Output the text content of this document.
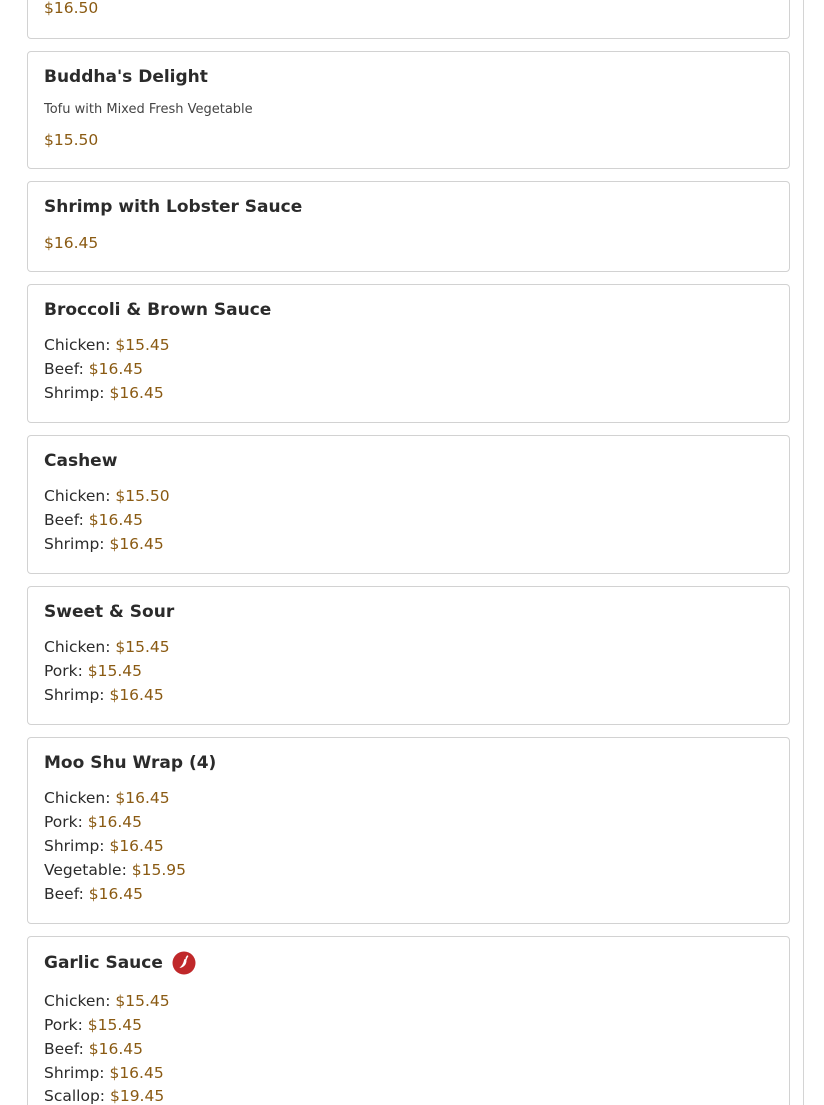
$16.50
Buddha's Delight
Tofu with Mixed Fresh Vegetable
$15.50
Shrimp with Lobster Sauce
$16.45
Broccoli & Brown Sauce
Chicken: $15.45
Beef: $16.45
Shrimp: $16.45
Cashew
Chicken: $15.50
Beef: $16.45
Shrimp: $16.45
Sweet & Sour
Chicken: $15.45
Pork: $15.45
Shrimp: $16.45
Moo Shu Wrap (4)
Chicken: $16.45
Pork: $16.45
Shrimp: $16.45
Vegetable: $15.95
Beef: $16.45
Garlic Sauce
Chicken: $15.45
Pork: $15.45
Beef: $16.45
Shrimp: $16.45
Scallop: $19.45
